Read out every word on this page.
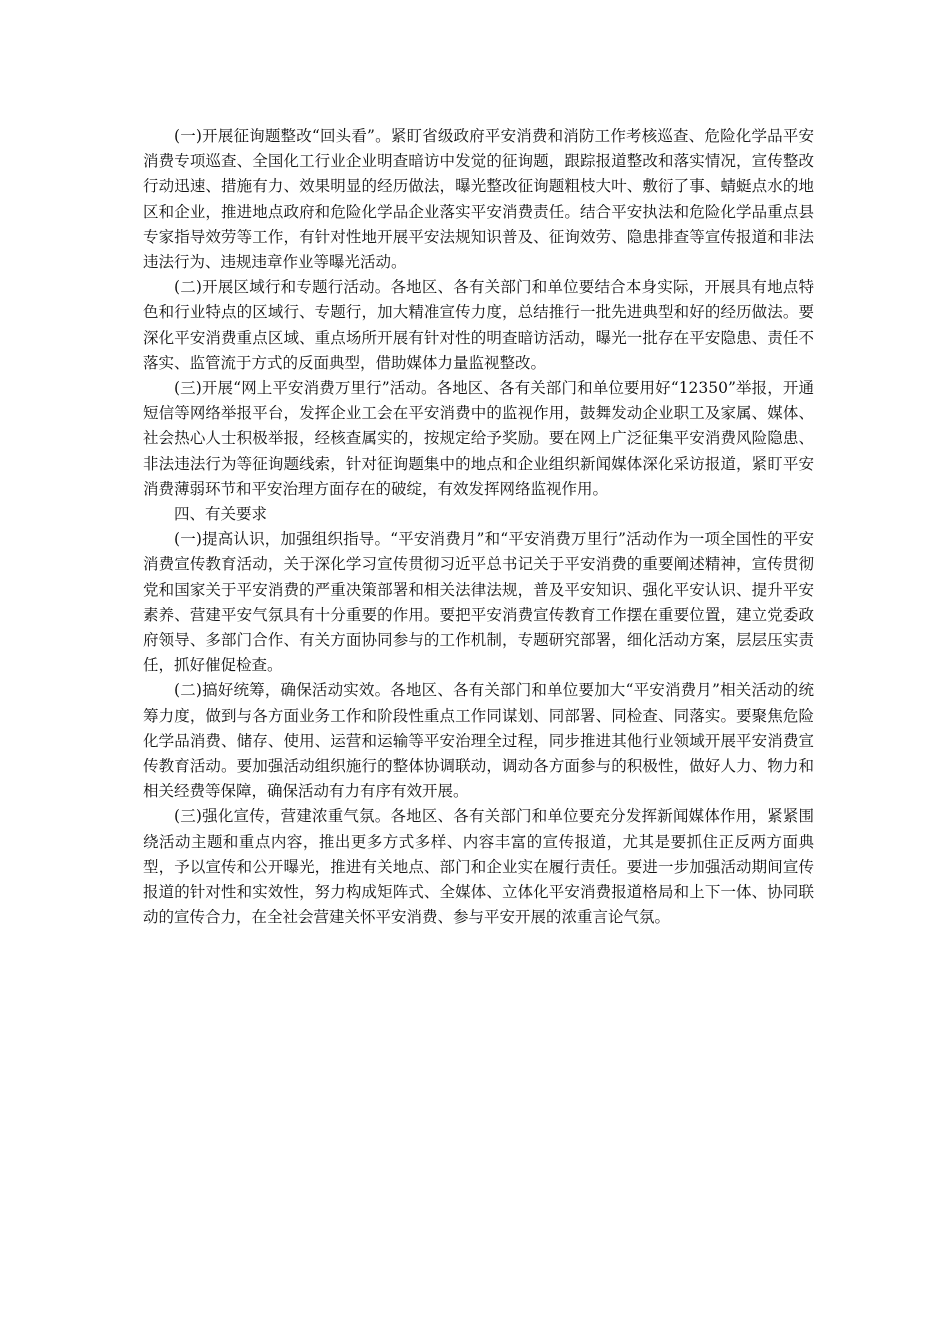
(一)开展征询题整改“回头看”。紧盯省级政府平安消费和消防工作考核巡查、危险化学品平安消费专项巡查、全国化工行业企业明查暗访中发觉的征询题，跟踪报道整改和落实情况，宣传整改行动迅速、措施有力、效果明显的经历做法，曝光整改征询题粗枝大叶、敷衍了事、蜻蜓点水的地区和企业，推进地点政府和危险化学品企业落实平安消费责任。结合平安执法和危险化学品重点县专家指导效劳等工作，有针对性地开展平安法规知识普及、征询效劳、隐患排查等宣传报道和非法违法行为、违规违章作业等曝光活动。

(二)开展区域行和专题行活动。各地区、各有关部门和单位要结合本身实际，开展具有地点特色和行业特点的区域行、专题行，加大精准宣传力度，总结推行一批先进典型和好的经历做法。要深化平安消费重点区域、重点场所开展有针对性的明查暗访活动，曝光一批存在平安隐患、责任不落实、监管流于方式的反面典型，借助媒体力量监视整改。

(三)开展“网上平安消费万里行”活动。各地区、各有关部门和单位要用好“12350”举报，开通短信等网络举报平台，发挥企业工会在平安消费中的监视作用，鼓舞发动企业职工及家属、媒体、社会热心人士积极举报，经核查属实的，按规定给予奖励。要在网上广泛征集平安消费风险隐患、非法违法行为等征询题线索，针对征询题集中的地点和企业组织新闻媒体深化采访报道，紧盯平安消费薄弱环节和平安治理方面存在的破绽，有效发挥网络监视作用。

四、有关要求

(一)提高认识，加强组织指导。“平安消费月”和“平安消费万里行”活动作为一项全国性的平安消费宣传教育活动，关于深化学习宣传贯彻习近平总书记关于平安消费的重要阐述精神，宣传贯彻党和国家关于平安消费的严重决策部署和相关法律法规，普及平安知识、强化平安认识、提升平安素养、营建平安气氛具有十分重要的作用。要把平安消费宣传教育工作摆在重要位置，建立党委政府领导、多部门合作、有关方面协同参与的工作机制，专题研究部署，细化活动方案，层层压实责任，抓好催促检查。

(二)搞好统筹，确保活动实效。各地区、各有关部门和单位要加大“平安消费月”相关活动的统筹力度，做到与各方面业务工作和阶段性重点工作同谋划、同部署、同检查、同落实。要聚焦危险化学品消费、储存、使用、运营和运输等平安治理全过程，同步推进其他行业领域开展平安消费宣传教育活动。要加强活动组织施行的整体协调联动，调动各方面参与的积极性，做好人力、物力和相关经费等保障，确保活动有力有序有效开展。

(三)强化宣传，营建浓重气氛。各地区、各有关部门和单位要充分发挥新闻媒体作用，紧紧围绕活动主题和重点内容，推出更多方式多样、内容丰富的宣传报道，尤其是要抓住正反两方面典型，予以宣传和公开曝光，推进有关地点、部门和企业实在履行责任。要进一步加强活动期间宣传报道的针对性和实效性，努力构成矩阵式、全媒体、立体化平安消费报道格局和上下一体、协同联动的宣传合力，在全社会营建关怀平安消费、参与平安开展的浓重言论气氛。
